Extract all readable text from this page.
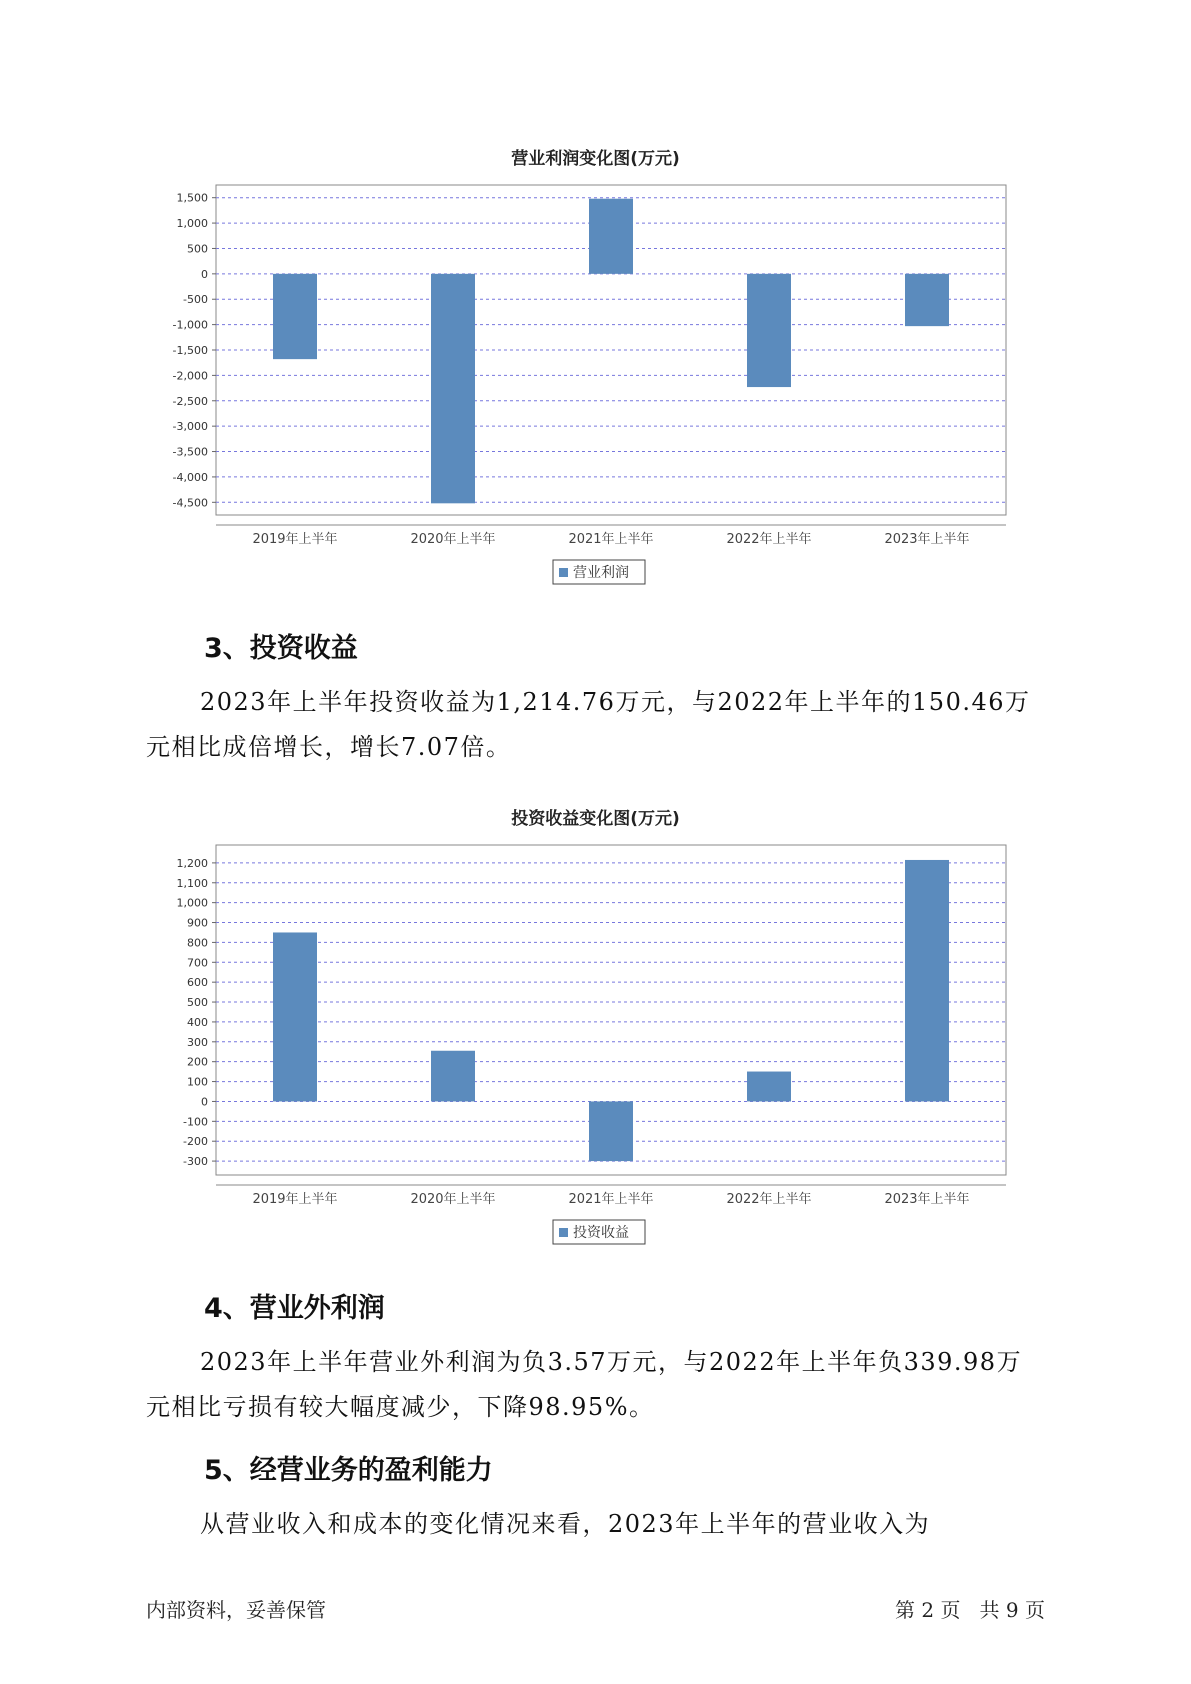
营业利润变化图(万元)
1,500
1,000
500
0
-500
-1,000
-1,500
-2,000
-2,500
-3,000
-3,500
-4,000
-4,500
2019年上半年	2020年上半年	2021年上半年	2022年上半年	2023年上半年
营业利润
3、投资收益

2023年上半年投资收益为1,214.76万元，与2022年上半年的150.46万

元相比成倍增长，增长7.07倍。

投资收益变化图(万元)
1,200
1,100
1,000
900
800
700
600
500
400
300
200
100
0
-100
-200
-300
2019年上半年	2020年上半年	2021年上半年	2022年上半年	2023年上半年
投资收益
4、营业外利润

2023年上半年营业外利润为负3.57万元，与2022年上半年负339.98万

元相比亏损有较大幅度减少，下降98.95%。

5、经营业务的盈利能力

从营业收入和成本的变化情况来看，2023年上半年的营业收入为

内部资料，妥善保管	第 2 页   共 9 页
